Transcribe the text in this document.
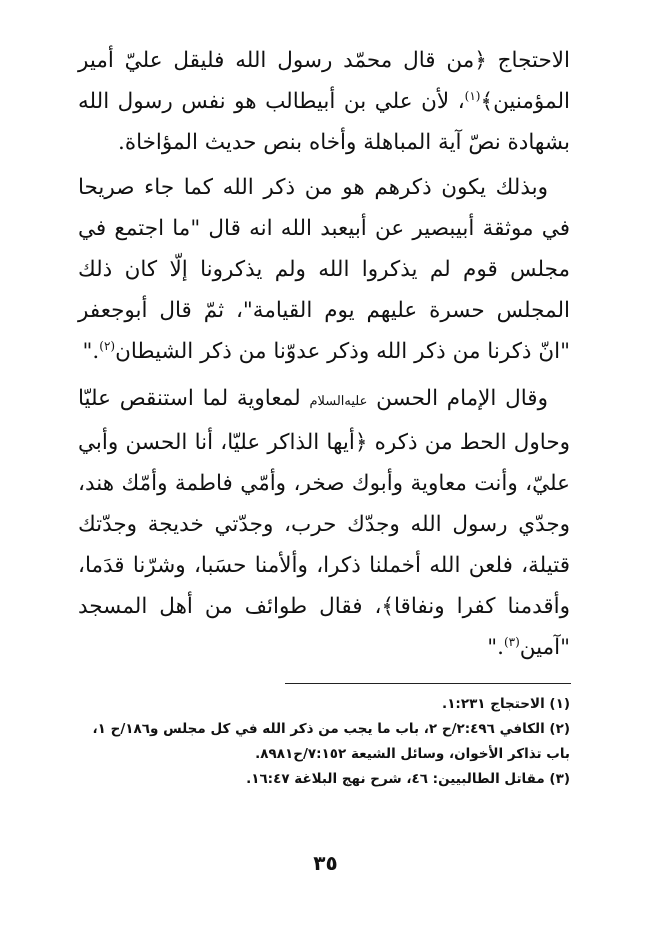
الاحتجاج ﴿من قال محمّد رسول الله فليقل عليّ أمير المؤمنين﴾$^{(١)}$، لأن علي بن أبيطالب هو نفس رسول الله بشهادة نصّ آية المباهلة وأخاه بنص حديث المؤاخاة.

وبذلك يكون ذكرهم هو من ذكر الله كما جاء صريحا في موثقة أبيبصير عن أبيعبد الله انه قال "ما اجتمع في مجلس قوم لم يذكروا الله ولم يذكرونا إلّا كان ذلك المجلس حسرة عليهم يوم القيامة"، ثمّ قال أبوجعفر "انّ ذكرنا من ذكر الله وذكر عدوّنا من ذكر الشيطان$^{(٢)}$."

وقال الإمام الحسن عليه‌السلام لمعاوية لما استنقص عليّا وحاول الحط من ذكره ﴿أيها الذاكر عليّا، أنا الحسن وأبي عليّ، وأنت معاوية وأبوك صخر، وأمّي فاطمة وأمّك هند، وجدّي رسول الله وجدّك حرب، وجدّتي خديجة وجدّتك قتيلة، فلعن الله أخملنا ذكرا، وألأمنا حسَبا، وشرّنا قدَما، وأقدمنا كفرا ونفاقا﴾، فقال طوائف من أهل المسجد "آمين$^{(٣)}$."

(١) الاحتجاج ١:٢٣١.

(٢) الكافي ٢:٤٩٦/ح ٢، باب ما يجب من ذكر الله في كل مجلس و١٨٦/ح ١، باب تذاكر الأخوان، وسائل الشيعة ٧:١٥٢/ح٨٩٨١.

(٣) مقاتل الطالبيين: ٤٦، شرح نهج البلاغة ١٦:٤٧.

٣٥
